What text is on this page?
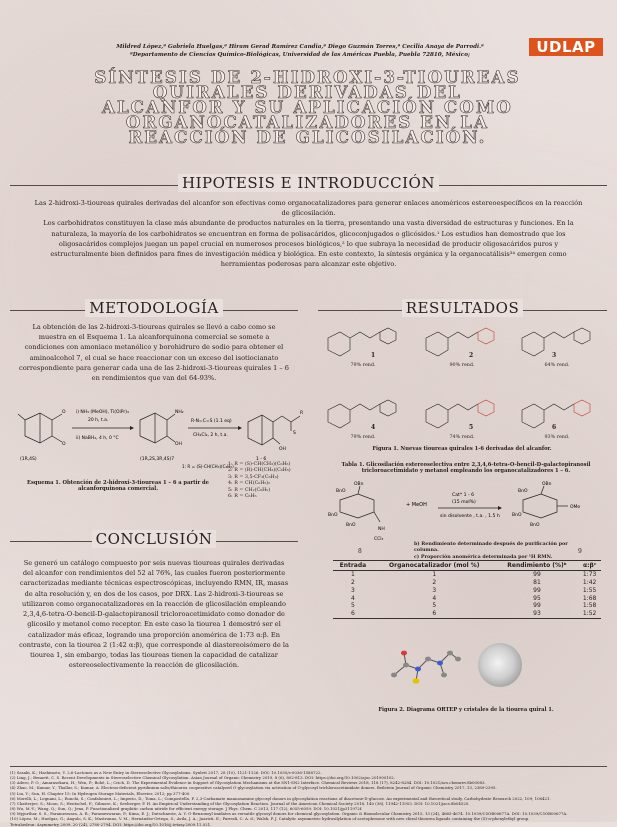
Mildred López,ª Gabriela Huelgas,ª Hiram Gerad Ramírez Candia,ª Diego Guzmán Torres,ª Cecilia Anaya de Parrodi.ª
ªDepartamento de Ciencias Químico-Biológicas, Universidad de las Américas Puebla, Puebla 72810, México;	UDLAP
SÍNTESIS DE 2-HIDROXI-3-TIOUREAS
QUIRALES DERIVADAS DEL
ALCANFOR Y SU APLICACIÓN COMO
ORGANOCATALIZADORES EN LA
REACCIÓN DE GLICOSILACIÓN.
HIPOTESIS E INTRODUCCIÓN
Las 2-hidroxi-3-tioureas quirales derivadas del alcanfor son efectivas como organocatalizadores para generar enlaces anoméricos estereoespecíficos en la reacción de glicosilación.
Los carbohidratos constituyen la clase más abundante de productos naturales en la tierra, presentando una vasta diversidad de estructuras y funciones. En la naturaleza, la mayoría de los carbohidratos se encuentran en forma de polisacáridos, glicoconjugados o glicósidos.¹ Los estudios han demostrado que los oligosacáridos complejos juegan un papel crucial en numerosos procesos biológicos,² lo que subraya la necesidad de producir oligosacáridos puros y estructuralmente bien definidos para fines de investigación médica y biológica. En este contexto, la síntesis orgánica y la organocatálisis³⁴ emergen como herramientas poderosas para alcanzar este objetivo.
METODOLOGÍA
La obtención de las 2-hidroxi-3-tioureas quirales se llevó a cabo como se muestra en el Esquema 1. La alcanforquinona comercial se somete a condiciones con amoniaco metanólico y borohidruro de sodio para obtener el aminoalcohol 7, el cual se hace reaccionar con un exceso del isotiocianato correspondiente para generar cada una de las 2-hidroxi-3-tioureas quirales 1 – 6 en rendimientos que van del 64-93%.
O
O
(1R,4S)
i) NH₃ (MeOH), Ti(OiPr)₄
20 h, t.a.
ii) NaBH₄, 4 h, 0 °C
NH₂
OH
(1R,2S,3R,4S)7
R-N=C=S (1.1 eq)
CH₂Cl₂, 2 h, t.a.	S
R
OH
1 - 6
1: R = (S)-CH(CH₃)(C₆H₅)
1: R = (S)-CH(CH₃)(C₆H₅)
2: R = (R)-CH(CH₃)(C₆H₅)
3: R = 3,5-CF₃(C₆H₃)
4: R = CH(C₆H₅)₂
5: R = CH₂(C₆H₅)
6: R = C₆H₅
Esquema 1. Obtención de 2-hidroxi-3-tioureas 1 – 6 a partir de alcanforquinona comercial.
CONCLUSIÓN
Se generó un catálogo compuesto por seis nuevas tioureas quirales derivadas del alcanfor con rendimientos del 52 al 76%, las cuales fueron posteriormente caracterizadas mediante técnicas espectroscópicas, incluyendo RMN, IR, masas de alta resolución y, en dos de los casos, por DRX. Las 2-hidroxi-3-tioureas se utilizaron como organocatalizadores en la reacción de glicosilación empleando 2,3,4,6-tetra-O-bencil-D-galactopiranosil tricloroacetimidato como donador de glicosilo y metanol como receptor. En este caso la tiourea 1 demostró ser el catalizador más eficaz, logrando una proporción anomérica de 1:73 α:β. En contraste, con la tiourea 2 (1:42 α:β), que corresponde al diastereoisómero de la tiourea 1, sin embargo, todas las tioureas tienen la capacidad de catalizar estereoselectivamente la reacción de glicosilación.
RESULTADOS
79% rend.	90% rend.	64% rend.
79% rend.	74% rend.	93% rend.
1	2	3
4	5	6
Figura 1. Nuevas tioureas quirales 1-6 derivadas del alcanfor.
Tabla 1. Glicosilación estereoselectiva entre 2,3,4,6-tetra-O-bencil-D-galactopiranosil tricloroacetimidato y metanol empleando los organocatalizadores 1 – 6.
BnO
OBn
BnO
BnO
NH
CCl₃
+ MeOH
Cat* 1 - 6
(15 mol%)
sin disolvente , t.a. , 1.5 h
BnO
OBn
BnO
BnO
OMe
b) Rendimiento determinado después de purificación por columna.
c) Proporción anomérica determinada por ¹H RMN.
8	9
Entrada	Organocatalizador (mol %)	Rendimiento (%)ᵇ	α:βᶜ
1	1	99	1:73
2	2	81	1:42
3	3	99	1:55
4	4	95	1:68
5	5	99	1:58
6	6	93	1:52
Figura 2. Diagrama ORTEP y cristales de la tiourea quiral 1.
(1) Sasaki, K.; Hashimoto, Y. 2,6-Lactones as a New Entry in Stereoselective Glycosylations. Synlett 2017, 28 (10), 1121-1126. DOI: 10.1055/s-0036-1588722.
(2) Ling, J.; Bennett, C. S. Recent Developments in Stereoselective Chemical Glycosylation. Asian Journal of Organic Chemistry 2019, 8 (6), 802-813. DOI: https://doi.org/10.1002/ajoc.201900102.
(3) Adero, P. O.; Amarasekara, H.; Wen, P.; Bohé, L.; Crich, D. The Experimental Evidence in Support of Glycosylation Mechanisms at the SN1-SN2 Interface. Chemical Reviews 2018, 118 (17), 8242-8284. DOI: 10.1021/acs.chemrev.8b00083.
(4) Zhao, M.; Kumar, Y.; Thallur, S.; Kumar, A. Electron-deficient pyridinium salts/thiourea cooperative catalyzed O-glycosylation via activation of O-glycosyl trichloroacetimidate donors. Beilstein Journal of Organic Chemistry 2017, 13, 2389-2395.
(5) Liu, Y.; Sun, H. Chapter 15: In Hydrogen Storage Materials, Elsevier, 2012; pp 377-400.
(6) Morelli, L.; Legnani, L.; Ronchi, S.; Confalonieri, L.; Imperio, D.; Toma, L.; Compostella, F. 2,3-Carbamate mannosamine glycosyl donors in glycosylation reactions of diacetone-D-glucose. An experimental and theoretical study. Carbohydrate Research 2022, 109; 108421.
(7) Chatterjee, S.; Moon, S.; Hentschel, F.; Gilmore, K.; Seeberger, P. H. An Empirical Understanding of the Glycosylation Reaction. Journal of the American Chemical Society 2018, 140 (38), 11942-11953. DOI: 10.1021/jacs.8b04525.
(8) Wu, M.-Y.; Wang, Q.; Sun, Q.; Jena, P. Functionalized graphitic carbon nitride for efficient energy storage. J Phys. Chem. C 2013, 117 (12), 6055-6059. DOI: 10.1021/jp311972f.
(9) Myjurthar, S. S.; Parameswara, A. R.; Parameswaran, P.; Kima, E. J.; Dutschnerie, A. Y. O-Benzoxoyl imidates as versatile glycosyl donors for chemical glycosylation. Organic & Biomolecular Chemistry 2015, 13 (24), 4665-4674. 10.1039/C5OB00677A. DOI: 10.1039/C5OB00677A.
(10) López, M.; Huelgas, G.; Angulo, S. K.; Mastrunno, V. M.; Hernández-Ortega, S.; Avila, J. A.; Juaristi, E.; Parrodi, C. A. d.; Walsh, P. J. Catalytic asymmetric hydrosilylation of acetophenone with new chiral thiourea ligands containing the (S)-α-phenylethyl group.
Tetrahedron: Asymmetry 2009, 20 (24), 2780-2794. DOI: https://doi.org/10.1016/j.tetasy.2009.11.021.
